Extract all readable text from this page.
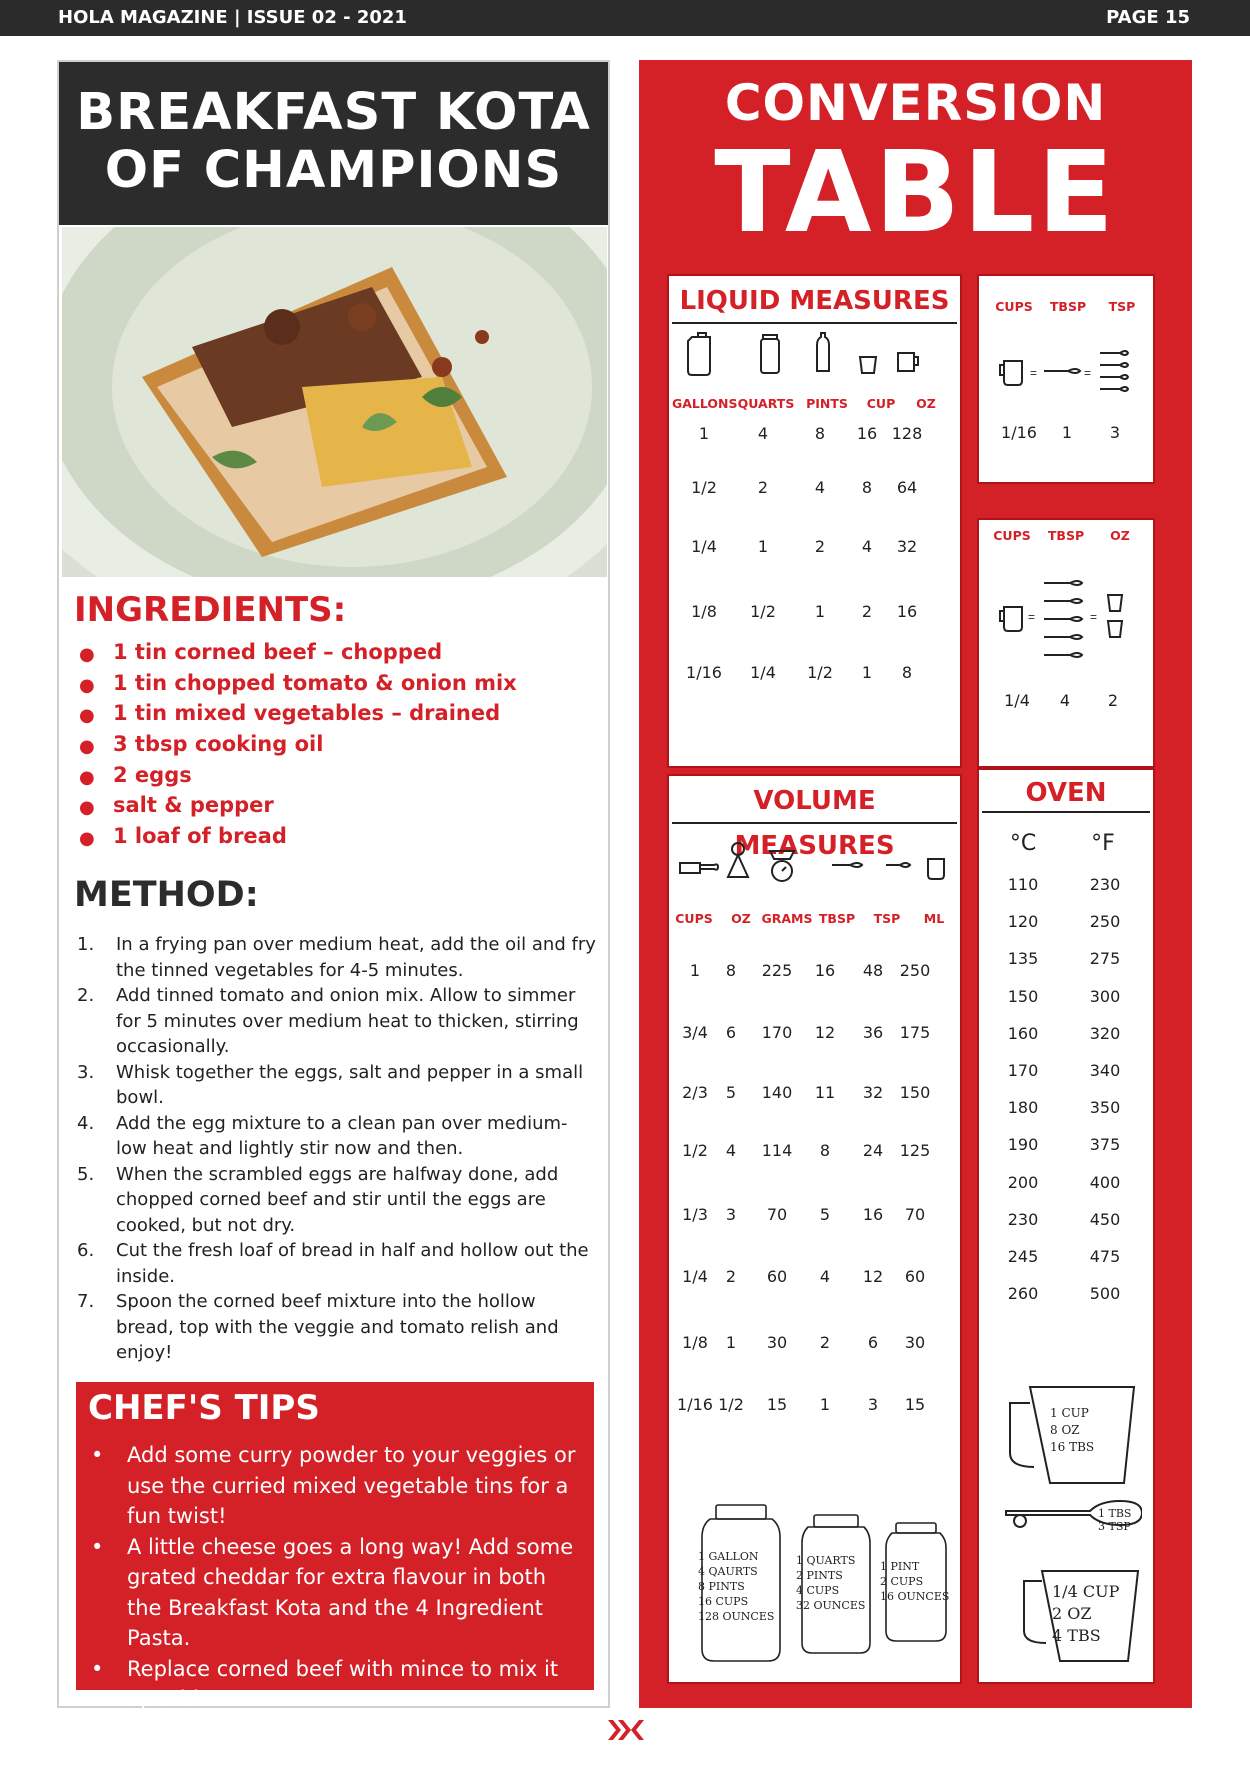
HOLA MAGAZINE | ISSUE 02 - 2021	PAGE 15
BREAKFAST KOTA
OF CHAMPIONS
INGREDIENTS:
● 1 tin corned beef – chopped
● 1 tin chopped tomato & onion mix
● 1 tin mixed vegetables – drained
● 3 tbsp cooking oil
● 2 eggs
● salt & pepper
● 1 loaf of bread
METHOD:
1. In a frying pan over medium heat, add the oil and fry the tinned vegetables for 4-5 minutes.
2. Add tinned tomato and onion mix. Allow to simmer for 5 minutes over medium heat to thicken, stirring occasionally.
3. Whisk together the eggs, salt and pepper in a small bowl.
4. Add the egg mixture to a clean pan over medium-low heat and lightly stir now and then.
5. When the scrambled eggs are halfway done, add chopped corned beef and stir until the eggs are cooked, but not dry.
6. Cut the fresh loaf of bread in half and hollow out the inside.
7. Spoon the corned beef mixture into the hollow bread, top with the veggie and tomato relish and enjoy!
CHEF'S TIPS
• Add some curry powder to your veggies or use the curried mixed vegetable tins for a fun twist!
• A little cheese goes a long way! Add some grated cheddar for extra flavour in both the Breakfast Kota and the 4 Ingredient Pasta.
• Replace corned beef with mince to mix it up a bit!
CONVERSION
TABLE
LIQUID MEASURES
GALLONS QUARTS PINTS	CUP	OZ
1	4	8	16 128
1/2	2	4	8	64
1/4	1	2	4	32
1/8	1/2	1	2	16
1/16	1/4	1/2	1	8
CUPS	TBSP	TSP
=	=
1/16	1	3
CUPS	TBSP	OZ
=	=
1/4	4	2
VOLUME MEASURES
CUPS	OZ GRAMS TBSP	TSP	ML
1	8	225	16	48	250
3/4	6	170	12	36	175
2/3	5	140	11	32	150
1/2	4	114	8	24	125
1/3	3	70	5	16	70
1/4	2	60	4	12	60
1/8	1	30	2	6	30
1/16 1/2	15	1	3	15
1 GALLON
4 QAURTS
8 PINTS
16 CUPS
128 OUNCES
1 QUARTS
2 PINTS
4 CUPS
32 OUNCES
1 PINT
2 CUPS
16 OUNCES
OVEN
°C	°F
110	230
120	250
135	275
150	300
160	320
170	340
180	350
190	375
200	400
230	450
245	475
260	500
1 CUP
8 OZ
16 TBS
1 TBS
3 TSP
1/4 CUP
2 OZ
4 TBS
